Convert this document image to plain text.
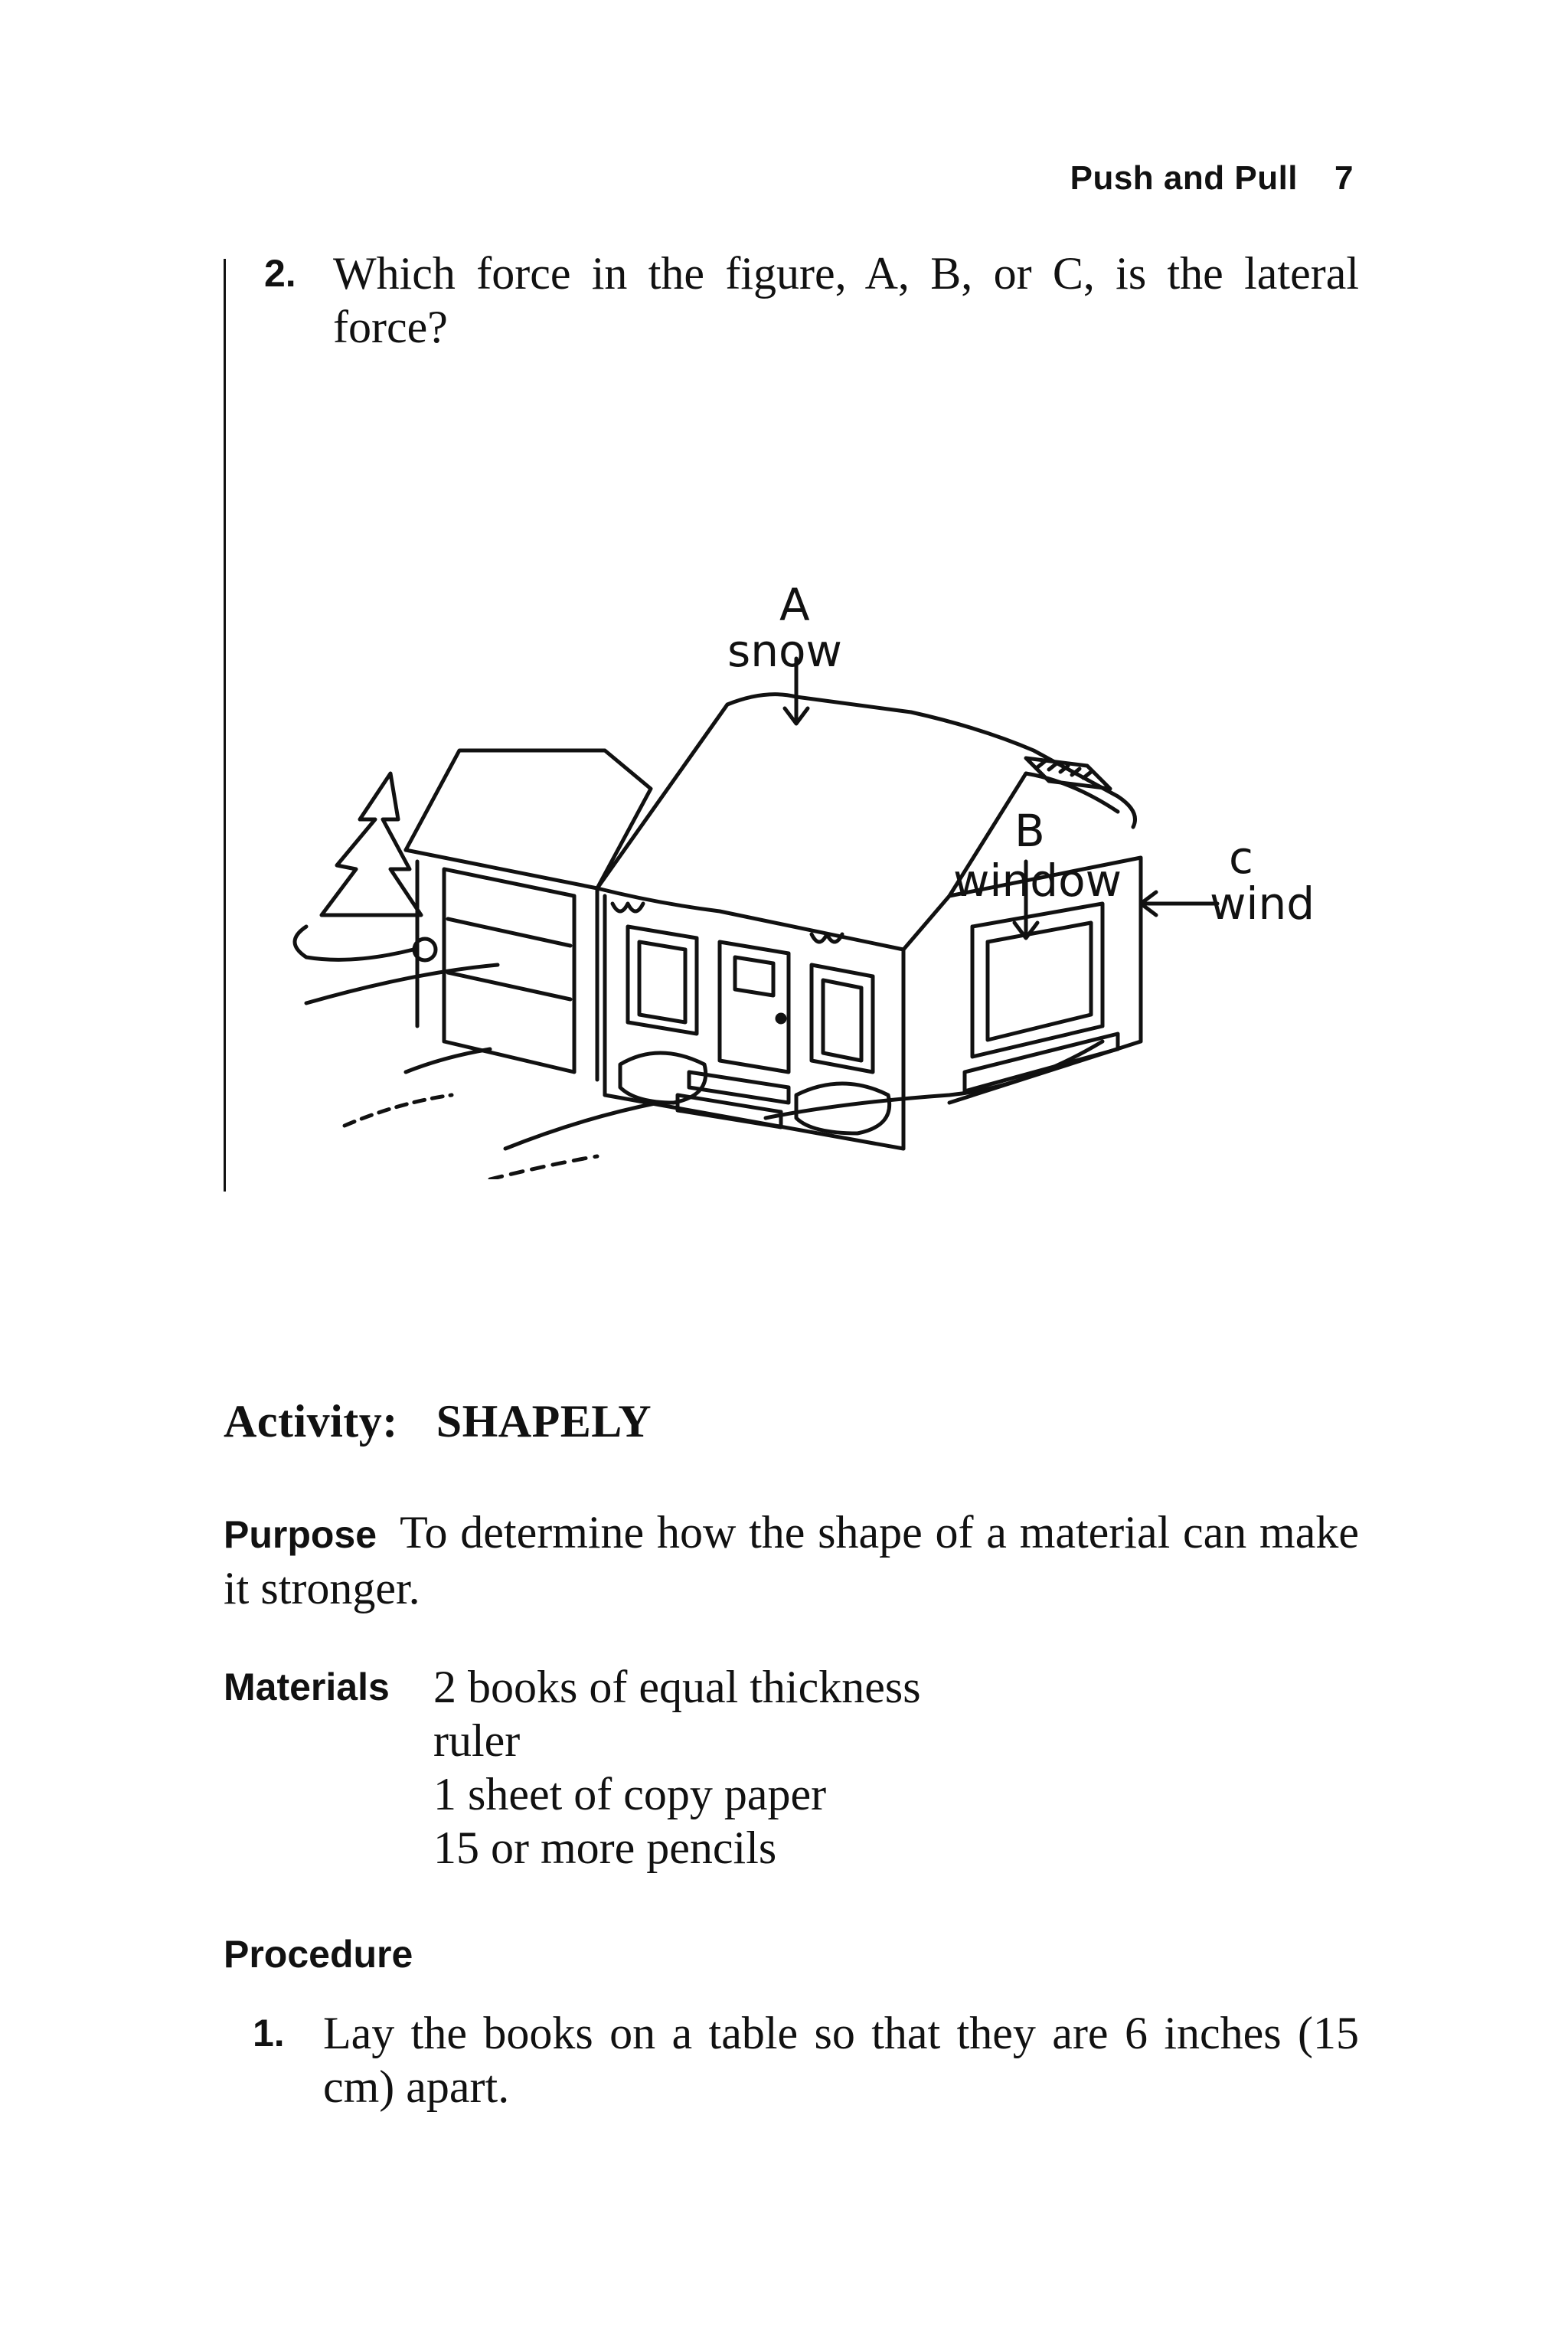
Push and Pull 7
2. Which force in the figure, A, B, or C, is the lateral force?
A
snow
B
window c
wind
Activity: SHAPELY
Purpose To determine how the shape of a material can make it stronger.
Materials 2 books of equal thickness
ruler
1 sheet of copy paper
15 or more pencils
Procedure
1. Lay the books on a table so that they are 6 inches (15 cm) apart.
